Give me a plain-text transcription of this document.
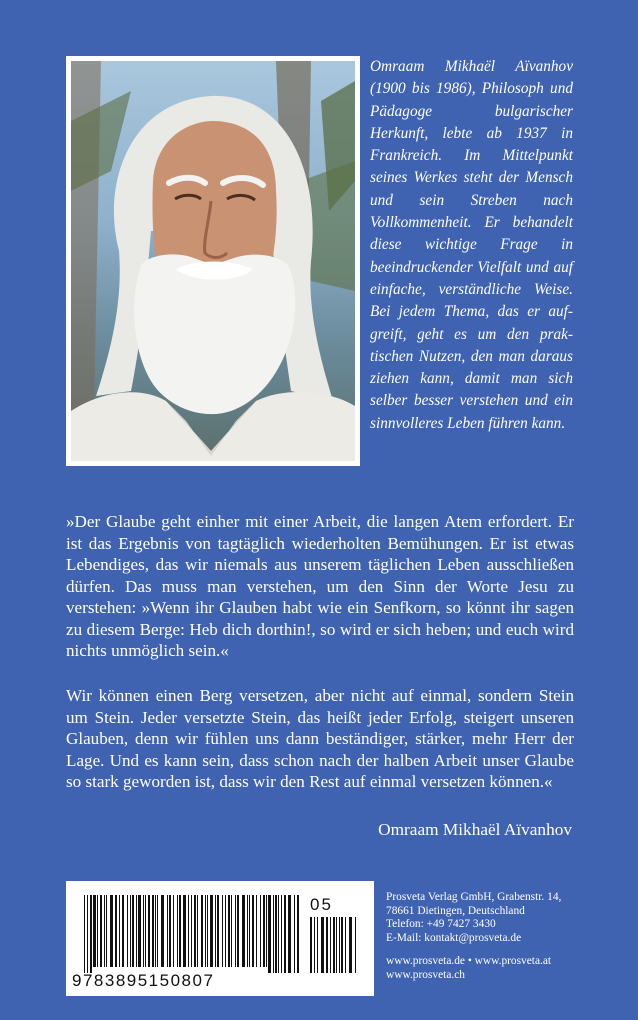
Omraam Mikhaël Aïvanhov (1900 bis 1986), Philosoph und Pädagoge bulgarischer Herkunft, lebte ab 1937 in Frankreich. Im Mittelpunkt seines Werkes steht der Mensch und sein Streben nach Vollkommenheit. Er behandelt diese wichtige Frage in beeindruckender Vielfalt und auf einfache, verständliche Weise. Bei jedem Thema, das er aufgreift, geht es um den praktischen Nutzen, den man daraus ziehen kann, damit man sich selber besser verstehen und ein sinnvolleres Leben führen kann.

»Der Glaube geht einher mit einer Arbeit, die langen Atem erfordert. Er ist das Ergebnis von tagtäglich wiederholten Bemühungen. Er ist etwas Lebendiges, das wir niemals aus unserem täglichen Leben ausschließen dürfen. Das muss man verstehen, um den Sinn der Worte Jesu zu verstehen: »Wenn ihr Glauben habt wie ein Senfkorn, so könnt ihr sagen zu diesem Berge: Heb dich dorthin!, so wird er sich heben; und euch wird nichts unmöglich sein.«

Wir können einen Berg versetzen, aber nicht auf einmal, sondern Stein um Stein. Jeder versetzte Stein, das heißt jeder Erfolg, steigert unseren Glauben, denn wir fühlen uns dann beständiger, stärker, mehr Herr der Lage. Und es kann sein, dass schon nach der halben Arbeit unser Glaube so stark geworden ist, dass wir den Rest auf einmal versetzen können.«

Omraam Mikhaël Aïvanhov

9783895150807
05	Prosveta Verlag GmbH, Grabenstr. 14,
78661 Dietingen, Deutschland
Telefon: +49 7427 3430
E-Mail: kontakt@prosveta.de
www.prosveta.de • www.prosveta.at
www.prosveta.ch
